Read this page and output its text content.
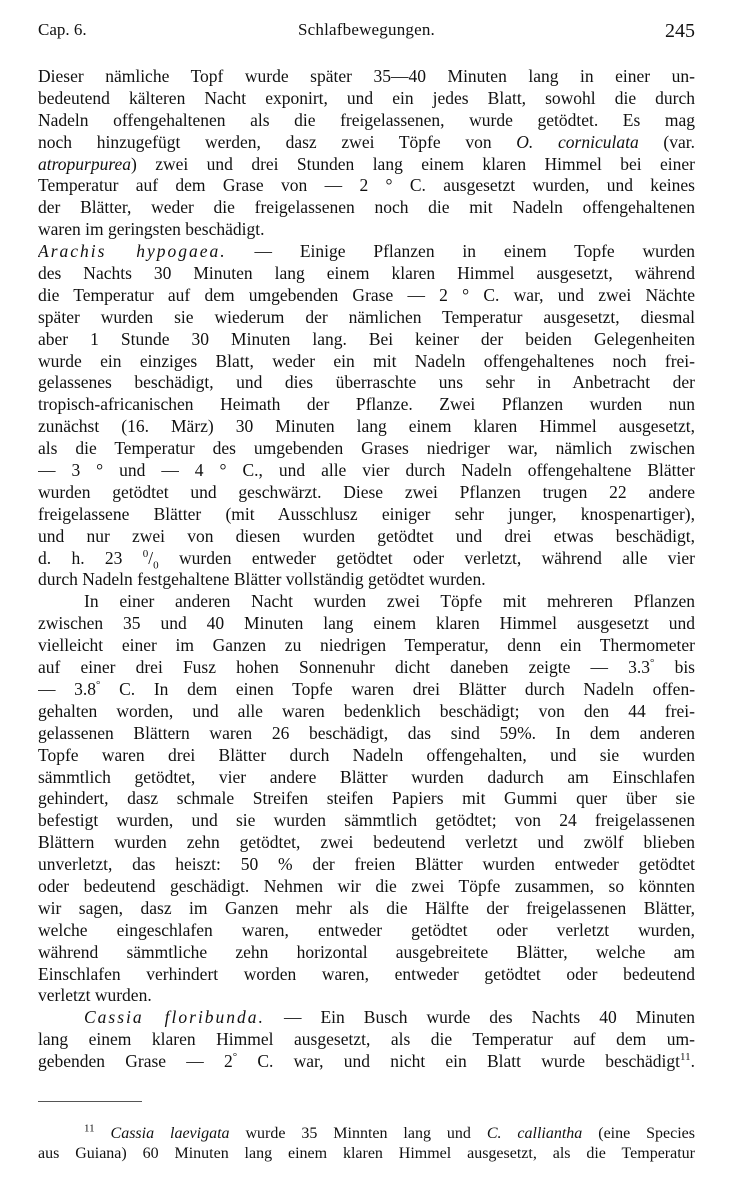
Cap. 6.	Schlafbewegungen.	245
Dieser nämliche Topf wurde später 35—40 Minuten lang in einer un-
bedeutend kälteren Nacht exponirt, und ein jedes Blatt, sowohl die durch
Nadeln offengehaltenen als die freigelassenen, wurde getödtet. Es mag
noch hinzugefügt werden, dasz zwei Töpfe von O. corniculata (var.
atropurpurea) zwei und drei Stunden lang einem klaren Himmel bei einer
Temperatur auf dem Grase von — 2 ° C. ausgesetzt wurden, und keines
der Blätter, weder die freigelassenen noch die mit Nadeln offengehaltenen
waren im geringsten beschädigt.
Arachis hypogaea. — Einige Pflanzen in einem Topfe wurden
des Nachts 30 Minuten lang einem klaren Himmel ausgesetzt, während
die Temperatur auf dem umgebenden Grase — 2 ° C. war, und zwei Nächte
später wurden sie wiederum der nämlichen Temperatur ausgesetzt, diesmal
aber 1 Stunde 30 Minuten lang. Bei keiner der beiden Gelegenheiten
wurde ein einziges Blatt, weder ein mit Nadeln offengehaltenes noch frei-
gelassenes beschädigt, und dies überraschte uns sehr in Anbetracht der
tropisch-africanischen Heimath der Pflanze. Zwei Pflanzen wurden nun
zunächst (16. März) 30 Minuten lang einem klaren Himmel ausgesetzt,
als die Temperatur des umgebenden Grases niedriger war, nämlich zwischen
— 3 ° und — 4 ° C., und alle vier durch Nadeln offengehaltene Blätter
wurden getödtet und geschwärzt. Diese zwei Pflanzen trugen 22 andere
freigelassene Blätter (mit Ausschlusz einiger sehr junger, knospenartiger),
und nur zwei von diesen wurden getödtet und drei etwas beschädigt,
d. h. 23 $^0/_0$ wurden entweder getödtet oder verletzt, während alle vier
durch Nadeln festgehaltene Blätter vollständig getödtet wurden.
In einer anderen Nacht wurden zwei Töpfe mit mehreren Pflanzen
zwischen 35 und 40 Minuten lang einem klaren Himmel ausgesetzt und
vielleicht einer im Ganzen zu niedrigen Temperatur, denn ein Thermometer
auf einer drei Fusz hohen Sonnenuhr dicht daneben zeigte — 3.3° bis
— 3.8° C. In dem einen Topfe waren drei Blätter durch Nadeln offen-
gehalten worden, und alle waren bedenklich beschädigt; von den 44 frei-
gelassenen Blättern waren 26 beschädigt, das sind 59%. In dem anderen
Topfe waren drei Blätter durch Nadeln offengehalten, und sie wurden
sämmtlich getödtet, vier andere Blätter wurden dadurch am Einschlafen
gehindert, dasz schmale Streifen steifen Papiers mit Gummi quer über sie
befestigt wurden, und sie wurden sämmtlich getödtet; von 24 freigelassenen
Blättern wurden zehn getödtet, zwei bedeutend verletzt und zwölf blieben
unverletzt, das heiszt: 50 % der freien Blätter wurden entweder getödtet
oder bedeutend geschädigt. Nehmen wir die zwei Töpfe zusammen, so könnten
wir sagen, dasz im Ganzen mehr als die Hälfte der freigelassenen Blätter,
welche eingeschlafen waren, entweder getödtet oder verletzt wurden,
während sämmtliche zehn horizontal ausgebreitete Blätter, welche am
Einschlafen verhindert worden waren, entweder getödtet oder bedeutend
verletzt wurden.
Cassia floribunda. — Ein Busch wurde des Nachts 40 Minuten
lang einem klaren Himmel ausgesetzt, als die Temperatur auf dem um-
gebenden Grase — 2° C. war, und nicht ein Blatt wurde beschädigt$^{11}$.
$^{11}$ Cassia laevigata wurde 35 Minnten lang und C. calliantha (eine Species
aus Guiana) 60 Minuten lang einem klaren Himmel ausgesetzt, als die Temperatur
